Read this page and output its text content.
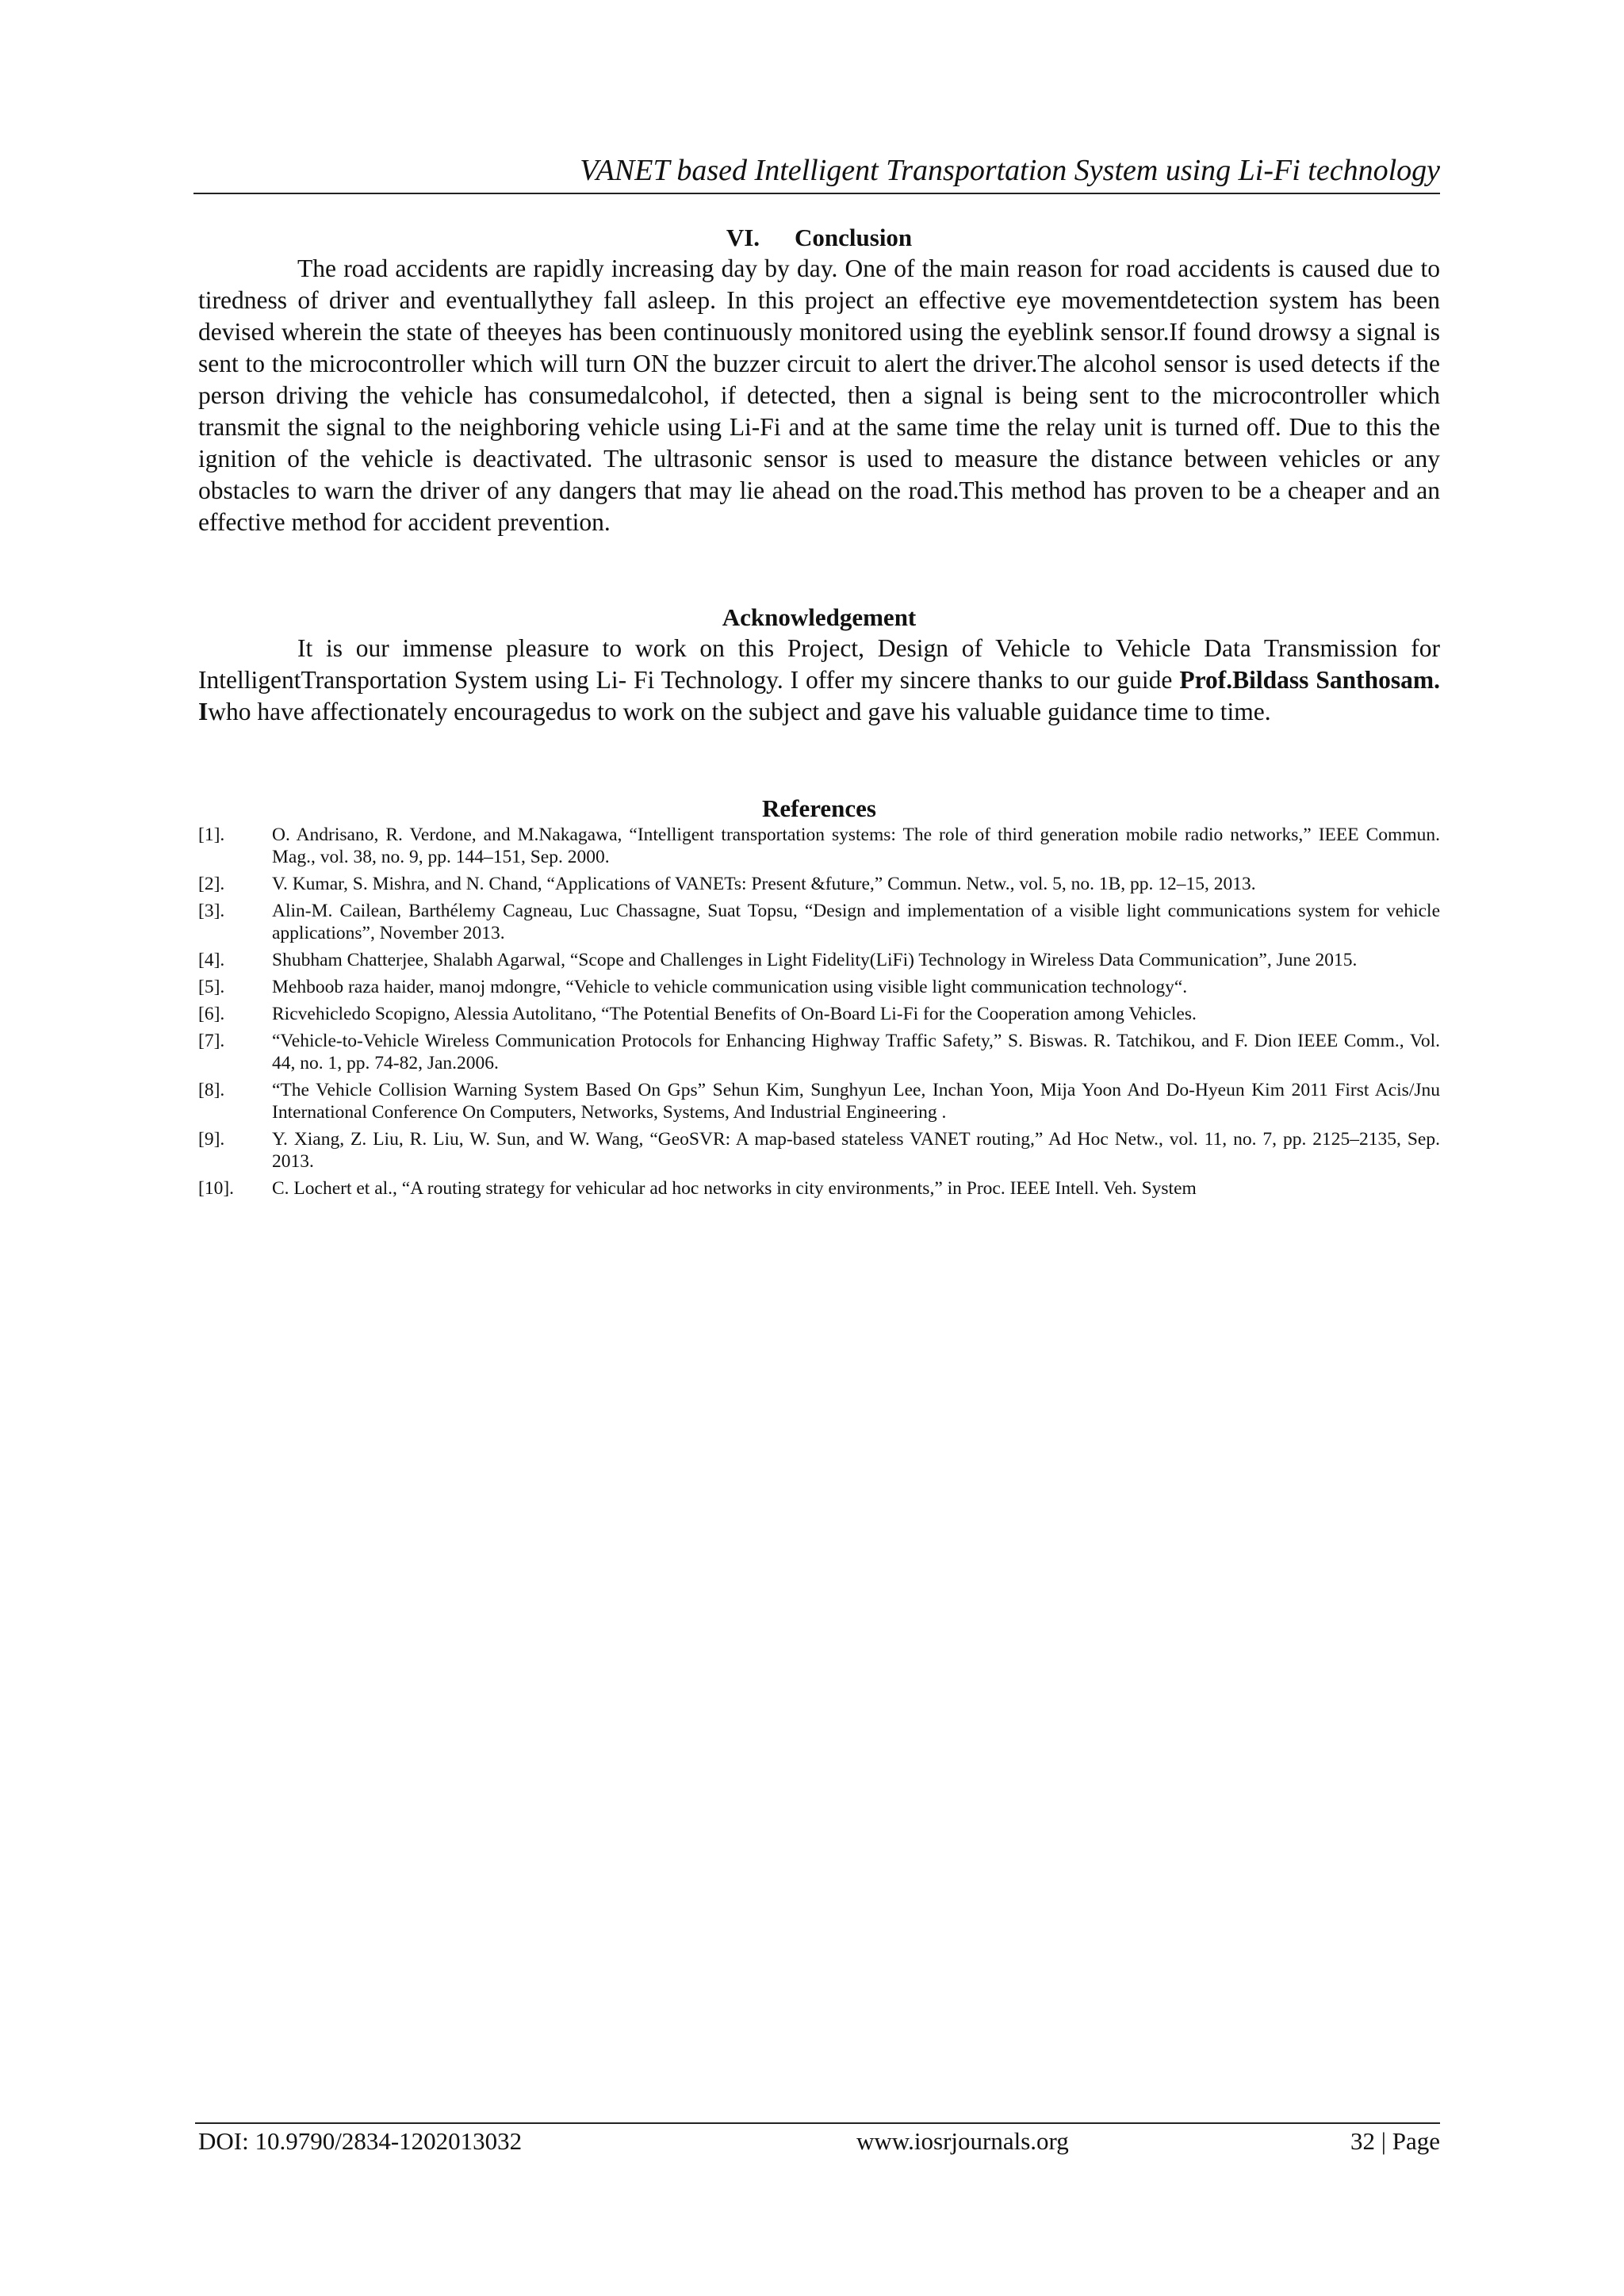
VANET based Intelligent Transportation System using Li-Fi technology
VI. Conclusion

The road accidents are rapidly increasing day by day. One of the main reason for road accidents is caused due to tiredness of driver and eventuallythey fall asleep. In this project an effective eye movementdetection system has been devised wherein the state of theeyes has been continuously monitored using the eyeblink sensor.If found drowsy a signal is sent to the microcontroller which will turn ON the buzzer circuit to alert the driver.The alcohol sensor is used detects if the person driving the vehicle has consumedalcohol, if detected, then a signal is being sent to the microcontroller which transmit the signal to the neighboring vehicle using Li-Fi and at the same time the relay unit is turned off. Due to this the ignition of the vehicle is deactivated. The ultrasonic sensor is used to measure the distance between vehicles or any obstacles to warn the driver of any dangers that may lie ahead on the road.This method has proven to be a cheaper and an effective method for accident prevention.

Acknowledgement

It is our immense pleasure to work on this Project, Design of Vehicle to Vehicle Data Transmission for IntelligentTransportation System using Li- Fi Technology. I offer my sincere thanks to our guide Prof.Bildass Santhosam. Iwho have affectionately encouragedus to work on the subject and gave his valuable guidance time to time.

References
[1].	O. Andrisano, R. Verdone, and M.Nakagawa, “Intelligent transportation systems: The role of third generation mobile radio networks,” IEEE Commun. Mag., vol. 38, no. 9, pp. 144–151, Sep. 2000.
[2].	V. Kumar, S. Mishra, and N. Chand, “Applications of VANETs: Present &future,” Commun. Netw., vol. 5, no. 1B, pp. 12–15, 2013.
[3].	Alin-M. Cailean, Barthélemy Cagneau, Luc Chassagne, Suat Topsu, “Design and implementation of a visible light communications system for vehicle applications”, November 2013.
[4].	Shubham Chatterjee, Shalabh Agarwal, “Scope and Challenges in Light Fidelity(LiFi) Technology in Wireless Data Communication”, June 2015.
[5].	Mehboob raza haider, manoj mdongre, “Vehicle to vehicle communication using visible light communication technology“.
[6].	Ricvehicledo Scopigno, Alessia Autolitano, “The Potential Benefits of On-Board Li-Fi for the Cooperation among Vehicles.
[7].	“Vehicle-to-Vehicle Wireless Communication Protocols for Enhancing Highway Traffic Safety,” S. Biswas. R. Tatchikou, and F. Dion IEEE Comm., Vol. 44, no. 1, pp. 74-82, Jan.2006.
[8].	“The Vehicle Collision Warning System Based On Gps” Sehun Kim, Sunghyun Lee, Inchan Yoon, Mija Yoon And Do-Hyeun Kim 2011 First Acis/Jnu International Conference On Computers, Networks, Systems, And Industrial Engineering .
[9].	Y. Xiang, Z. Liu, R. Liu, W. Sun, and W. Wang, “GeoSVR: A map-based stateless VANET routing,” Ad Hoc Netw., vol. 11, no. 7, pp. 2125–2135, Sep. 2013.
[10]. C. Lochert et al., “A routing strategy for vehicular ad hoc networks in city environments,” in Proc. IEEE Intell. Veh. System
DOI: 10.9790/2834-1202013032	www.iosrjournals.org	32 | Page
